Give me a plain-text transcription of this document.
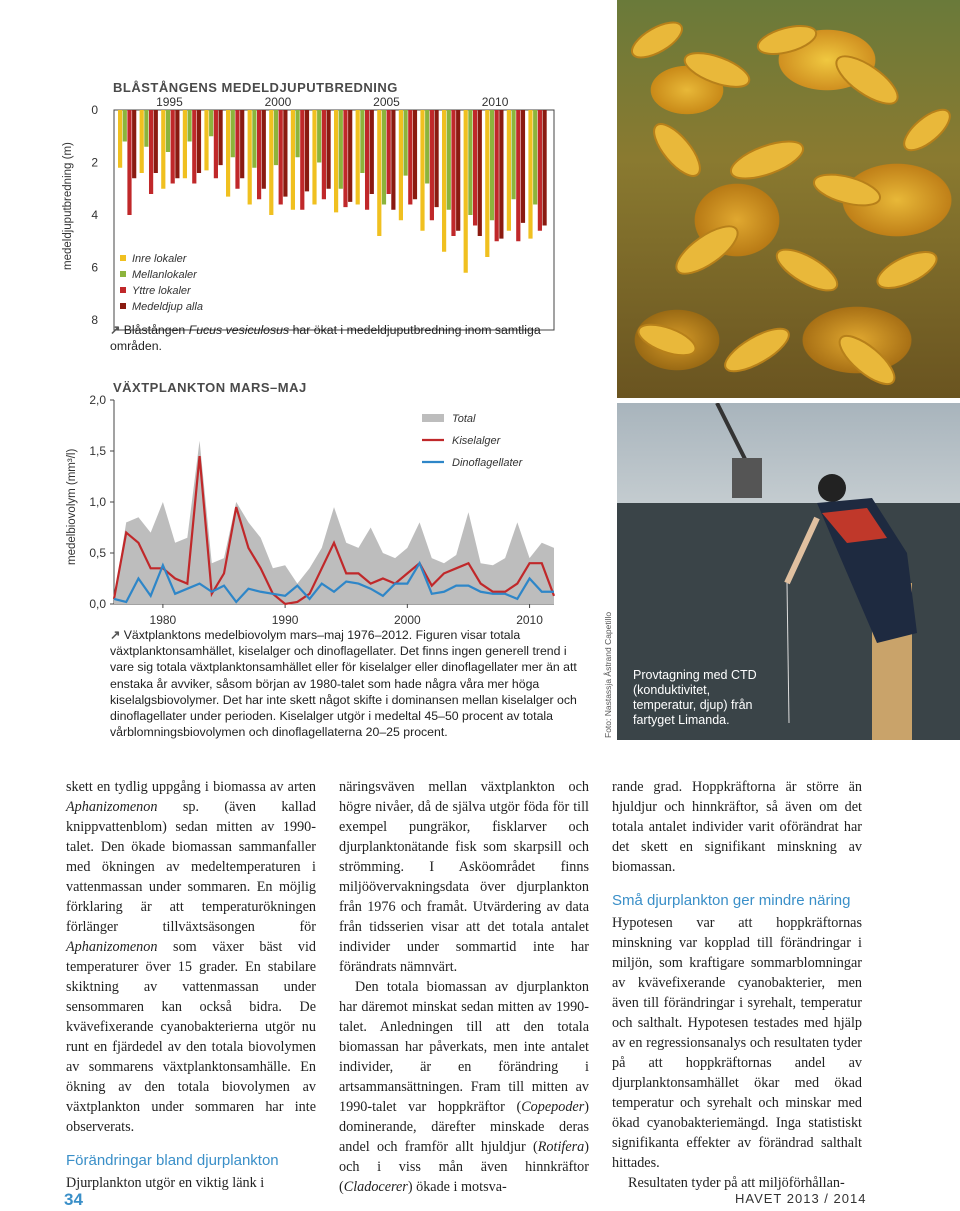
Provtagning med CTD (konduktivitet, temperatur, djup) från fartyget Limanda.
Foto: Nastassja Åstrand Capetillo
BLÅSTÅNGENS MEDELDJUPUTBREDNING
medeldjuputbredning (m)
0
2
4
6
8
1995	2000	2005	2010
Inre lokaler
Mellanlokaler
Yttre lokaler
Medeldjup alla
↗ Blåstången Fucus vesiculosus har ökat i medeldjuputbredning inom samtliga områden.
VÄXTPLANKTON MARS–MAJ
medelbiovolym (mm³/l)
0,0
0,5
1,0
1,5
2,0
1980	1990	2000	2010
Total
Kiselalger
Dinoflagellater
↗ Växtplanktons medelbiovolym mars–maj 1976–2012. Figuren visar totala växtplanktonsamhället, kiselalger och dinoflagellater. Det finns ingen generell trend i vare sig totala växtplanktonsamhället eller för kiselalger eller dinoflagellater mer än att enstaka år avviker, såsom början av 1980-talet som hade några våra mer höga kiselalgsbiovolymer. Det har inte skett något skifte i dominansen mellan kiselalger och dinoflagellater under perioden. Kiselalger utgör i medeltal 45–50 procent av totala vårblomningsbiovolymen och dinoflagellaterna 20–25 procent.

skett en tydlig uppgång i biomassa av arten Aphanizomenon sp. (även kallad knippvattenblom) sedan mitten av 1990-talet. Den ökade biomassan sammanfaller med ökningen av medeltemperaturen i vattenmassan under sommaren. En möjlig förklaring är att temperaturökningen förlänger tillväxtsäsongen för Aphanizomenon som växer bäst vid temperaturer över 15 grader. En stabilare skiktning av vattenmassan under sensommaren kan också bidra. De kvävefixerande cyanobakterierna utgör nu runt en fjärdedel av den totala biovolymen av sommarens växtplanktonsamhälle. En ökning av den totala biovolymen av växtplankton under sommaren har inte observerats.

Förändringar bland djurplankton

Djurplankton utgör en viktig länk i

näringsväven mellan växtplankton och högre nivåer, då de själva utgör föda för till exempel pungräkor, fisklarver och djurplanktonätande fisk som skarpsill och strömming. I Asköområdet finns miljöövervakningsdata över djurplankton från 1976 och framåt. Utvärdering av data från tidsserien visar att det totala antalet individer under sommartid inte har förändrats nämnvärt.

Den totala biomassan av djurplankton har däremot minskat sedan mitten av 1990-talet. Anledningen till att den totala biomassan har påverkats, men inte antalet individer, är en förändring i artsammansättningen. Fram till mitten av 1990-talet var hoppkräftor (Copepoder) dominerande, därefter minskade deras andel och framför allt hjuldjur (Rotifera) och i viss mån även hinnkräftor (Cladocerer) ökade i motsva-

rande grad. Hoppkräftorna är större än hjuldjur och hinnkräftor, så även om det totala antalet individer varit oförändrat har det skett en signifikant minskning av biomassan.

Små djurplankton ger mindre näring

Hypotesen var att hoppkräftornas minskning var kopplad till förändringar i miljön, som kraftigare sommarblomningar av kvävefixerande cyanobakterier, men även till förändringar i syrehalt, temperatur och salthalt. Hypotesen testades med hjälp av en regressionsanalys och resultaten tyder på att hoppkräftornas andel av djurplanktonsamhället ökar med ökad temperatur och syrehalt och minskar med ökad cyanobakteriemängd. Inga statistiskt signifikanta effekter av förändrad salthalt hittades.

Resultaten tyder på att miljöförhållan-

34	HAVET 2013 / 2014
